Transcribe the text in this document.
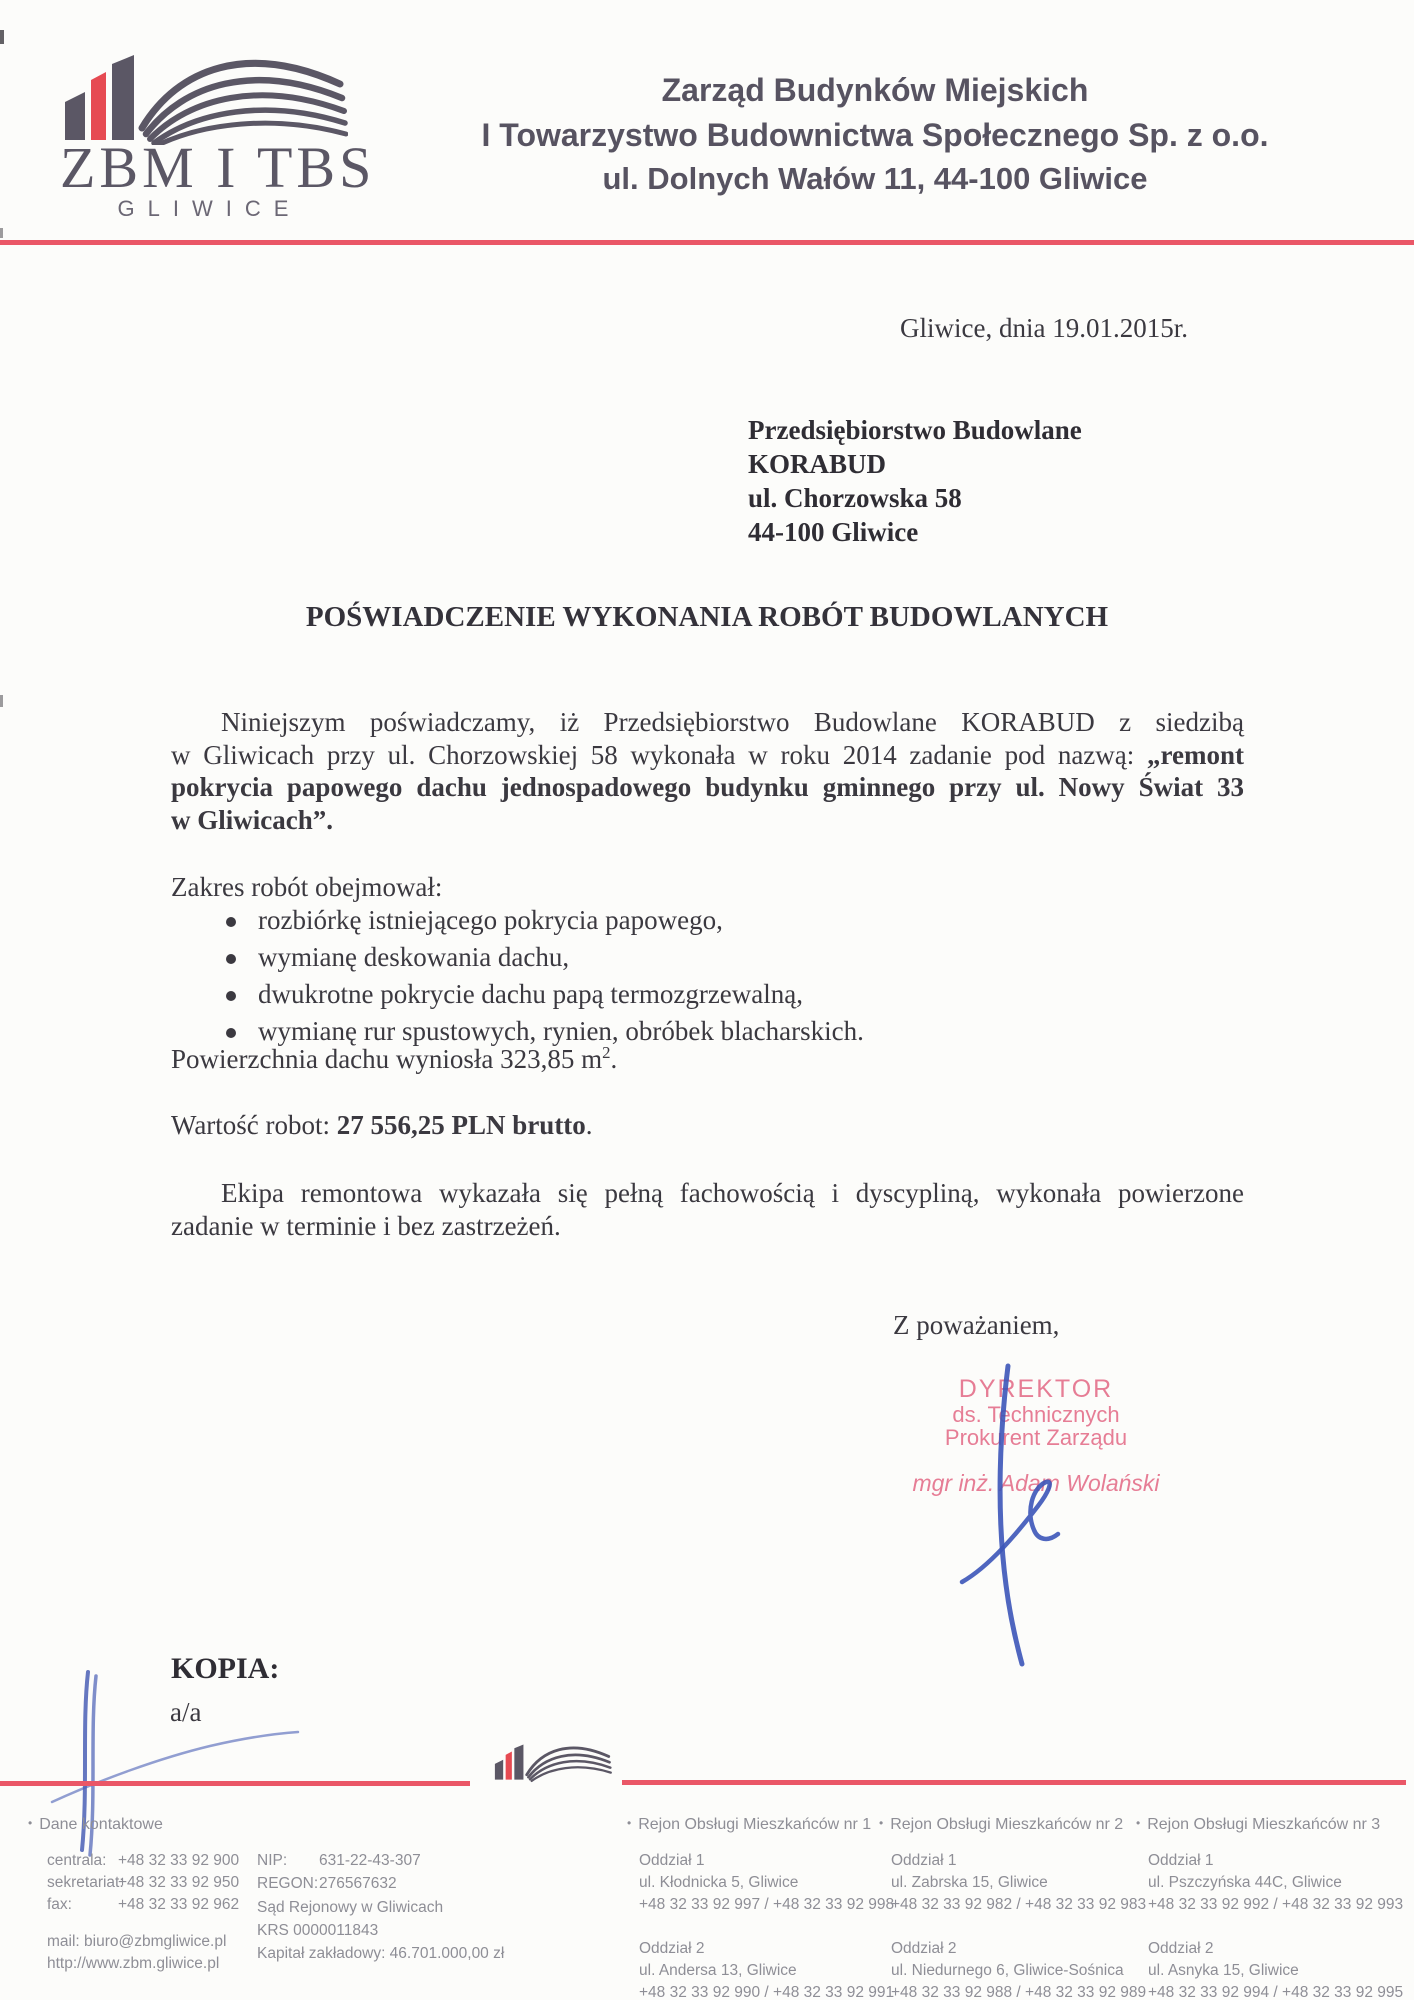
ZBM I TBS
GLIWICE
Zarząd Budynków Miejskich
I Towarzystwo Budownictwa Społecznego Sp. z o.o.
ul. Dolnych Wałów 11, 44-100 Gliwice
Gliwice, dnia 19.01.2015r.
Przedsiębiorstwo Budowlane
KORABUD
ul. Chorzowska 58
44-100 Gliwice
POŚWIADCZENIE WYKONANIA ROBÓT BUDOWLANYCH
Niniejszym poświadczamy, iż Przedsiębiorstwo Budowlane KORABUD z siedzibą
w Gliwicach przy ul. Chorzowskiej 58 wykonała w roku 2014 zadanie pod nazwą: „remont
pokrycia papowego dachu jednospadowego budynku gminnego przy ul. Nowy Świat 33
w Gliwicach”.
Zakres robót obejmował:
rozbiórkę istniejącego pokrycia papowego,
wymianę deskowania dachu,
dwukrotne pokrycie dachu papą termozgrzewalną,
wymianę rur spustowych, rynien, obróbek blacharskich.
Powierzchnia dachu wyniosła 323,85 $m^2$.
Wartość robot: 27 556,25 PLN brutto.
Ekipa remontowa wykazała się pełną fachowością i dyscypliną, wykonała powierzone
zadanie w terminie i bez zastrzeżeń.
Z poważaniem,
DYREKTOR
ds. Technicznych
Prokurent Zarządu
mgr inż. Adam Wolański
KOPIA:
a/a
• Dane kontaktowe
centrala: +48 32 33 92 900
sekretariat:
+48 32 33 92 950
fax:	+48 32 33 92 962
mail: biuro@zbmgliwice.pl
http://www.zbm.gliwice.pl
NIP: 631-22-43-307
REGON: 276567632
Sąd Rejonowy w Gliwicach
KRS 0000011843
Kapitał zakładowy: 46.701.000,00 zł
• Rejon Obsługi Mieszkańców nr 1
Oddział 1
ul. Kłodnicka 5, Gliwice
+48 32 33 92 997 / +48 32 33 92 998
Oddział 2
ul. Andersa 13, Gliwice
+48 32 33 92 990 / +48 32 33 92 991
• Rejon Obsługi Mieszkańców nr 2
Oddział 1
ul. Zabrska 15, Gliwice
+48 32 33 92 982 / +48 32 33 92 983
Oddział 2
ul. Niedurnego 6, Gliwice-Sośnica
+48 32 33 92 988 / +48 32 33 92 989
• Rejon Obsługi Mieszkańców nr 3
Oddział 1
ul. Pszczyńska 44C, Gliwice
+48 32 33 92 992 / +48 32 33 92 993
Oddział 2
ul. Asnyka 15, Gliwice
+48 32 33 92 994 / +48 32 33 92 995
